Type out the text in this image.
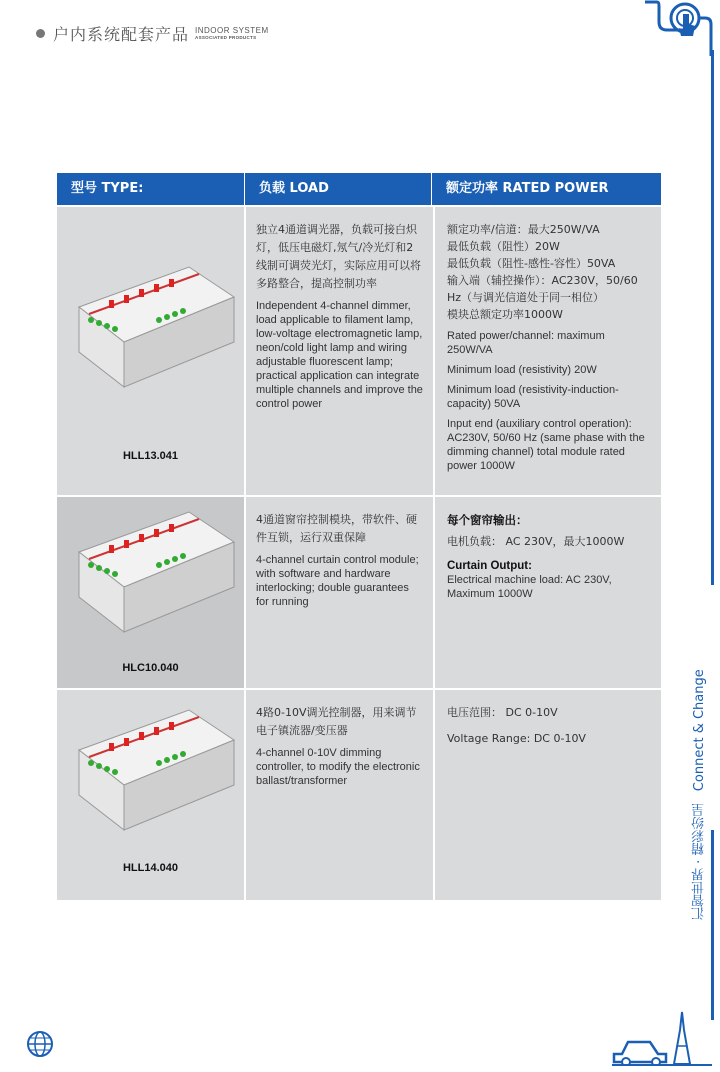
户内系统配套产品 INDOOR SYSTEM
ASSOCIATED PRODUCTS
汇智世界 · 精彩纷呈   Connect & Change
型号 TYPE:	负载 LOAD	额定功率 RATED POWER
HLL13.041
独立4通道调光器，负载可接白炽灯，低压电磁灯,氖气/冷光灯和2线制可调荧光灯，实际应用可以将多路整合，提高控制功率
Independent 4-channel dimmer, load applicable to filament lamp, low-voltage electromagnetic lamp, neon/cold light lamp and wiring adjustable fluorescent lamp; practical application can integrate multiple channels and improve the control power
额定功率/信道：最大250W/VA
最低负载（阻性）20W
最低负载（阻性-感性-容性）50VA
输入端（辅控操作）：AC230V，50/60 Hz（与调光信道处于同一相位）
模块总额定功率1000W
Rated power/channel: maximum 250W/VA
Minimum load (resistivity) 20W
Minimum load (resistivity-induction-capacity) 50VA
Input end (auxiliary control operation): AC230V, 50/60 Hz (same phase with the dimming channel) total module rated power 1000W
HLC10.040
4通道窗帘控制模块，带软件、硬件互锁，运行双重保障
4-channel curtain control module; with software and hardware interlocking; double guarantees for running
每个窗帘输出：
电机负载： AC 230V，最大1000W
Curtain Output:
Electrical machine load: AC 230V, Maximum 1000W
HLL14.040
4路0-10V调光控制器，用来调节电子镇流器/变压器
4-channel 0-10V dimming controller, to modify the electronic ballast/transformer
电压范围： DC 0-10V
Voltage Range: DC 0-10V
